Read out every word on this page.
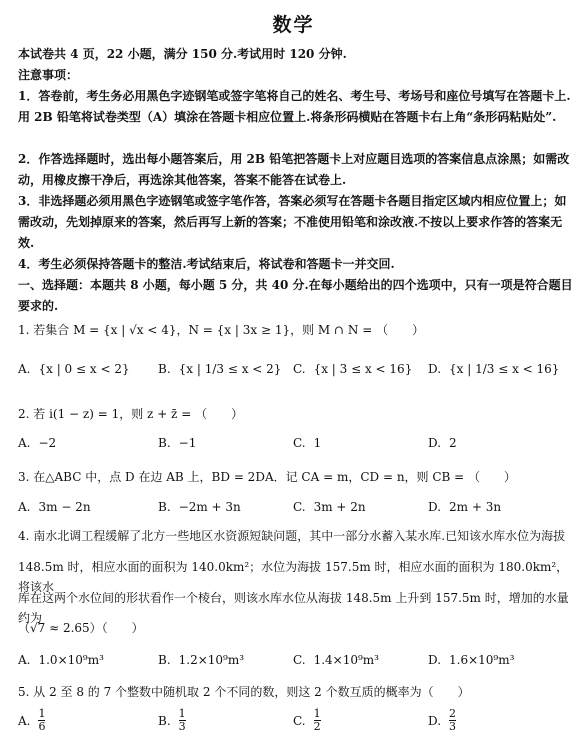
数学
本试卷共 4 页，22 小题，满分 150 分.考试用时 120 分钟.
注意事项：
1．答卷前，考生务必用黑色字迹钢笔或签字笔将自己的姓名、考生号、考场号和座位号填写在答题卡上.用 2B 铅笔将试卷类型（A）填涂在答题卡相应位置上.将条形码横贴在答题卡右上角“条形码粘贴处”.
2．作答选择题时，选出每小题答案后，用 2B 铅笔把答题卡上对应题目选项的答案信息点涂黑；如需改动，用橡皮擦干净后，再选涂其他答案，答案不能答在试卷上.
3．非选择题必须用黑色字迹钢笔或签字笔作答，答案必须写在答题卡各题目指定区域内相应位置上；如需改动，先划掉原来的答案，然后再写上新的答案；不准使用铅笔和涂改液.不按以上要求作答的答案无效.
4．考生必须保持答题卡的整洁.考试结束后，将试卷和答题卡一并交回.
一、选择题：本题共 8 小题，每小题 5 分，共 40 分.在每小题给出的四个选项中，只有一项是符合题目要求的.
1. 若集合 M = {x | √x < 4}，N = {x | 3x ≥ 1}，则 M ∩ N = （　　）
A. {x | 0 ≤ x < 2} B. {x | 1/3 ≤ x < 2} C. {x | 3 ≤ x < 16} D. {x | 1/3 ≤ x < 16}
2. 若 i(1 − z) = 1，则 z + z̄ = （　　）
A. −2	B. −1	C. 1	D. 2
3. 在△ABC 中，点 D 在边 AB 上，BD = 2DA．记 CA = m，CD = n，则 CB = （　　）
A. 3m − 2n	B. −2m + 3n	C. 3m + 2n	D. 2m + 3n
4. 南水北调工程缓解了北方一些地区水资源短缺问题，其中一部分水蓄入某水库.已知该水库水位为海拔
148.5m 时，相应水面的面积为 140.0km²；水位为海拔 157.5m 时，相应水面的面积为 180.0km²，将该水
库在这两个水位间的形状看作一个棱台，则该水库水位从海拔 148.5m 上升到 157.5m 时，增加的水量约为
（√7 ≈ 2.65）（　　）
A. 1.0×10⁹m³	B. 1.2×10⁹m³	C. 1.4×10⁹m³	D. 1.6×10⁹m³
5. 从 2 至 8 的 7 个整数中随机取 2 个不同的数，则这 2 个数互质的概率为（　　）
A. $\frac{1}{6}$	B. $\frac{1}{3}$	C. $\frac{1}{2}$	D. $\frac{2}{3}$
